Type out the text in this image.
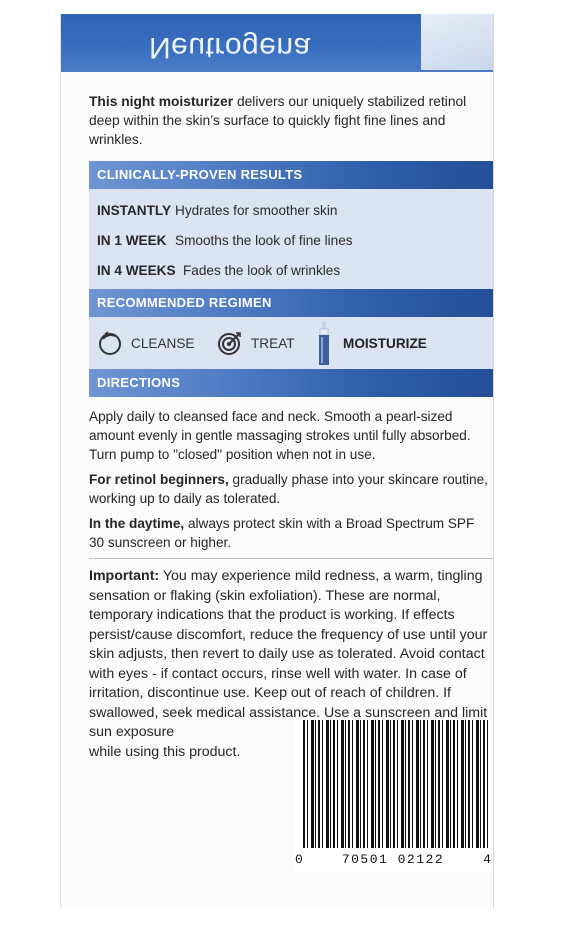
Neutrogena

This night moisturizer delivers our uniquely stabilized retinol deep within the skin’s surface to quickly fight fine lines and wrinkles.

CLINICALLY-PROVEN RESULTS
INSTANTLY Hydrates for smoother skin
IN 1 WEEK Smooths the look of fine lines
IN 4 WEEKS Fades the look of wrinkles
RECOMMENDED REGIMEN
CLEANSE	TREAT	MOISTURIZE
DIRECTIONS

Apply daily to cleansed face and neck. Smooth a pearl-sized amount evenly in gentle massaging strokes until fully absorbed. Turn pump to "closed" position when not in use.

For retinol beginners, gradually phase into your skincare routine, working up to daily as tolerated.

In the daytime, always protect skin with a Broad Spectrum SPF 30 sunscreen or higher.

Important: You may experience mild redness, a warm, tingling sensation or flaking (skin exfoliation). These are normal, temporary indications that the product is working. If effects persist/cause discomfort, reduce the frequency of use until your skin adjusts, then revert to daily use as tolerated. Avoid contact with eyes - if contact occurs, rinse well with water. In case of irritation, discontinue use. Keep out of reach of children. If swallowed, seek medical assistance. Use a sunscreen and limit sun exposure
while using this product.

0	70501 02122	4
